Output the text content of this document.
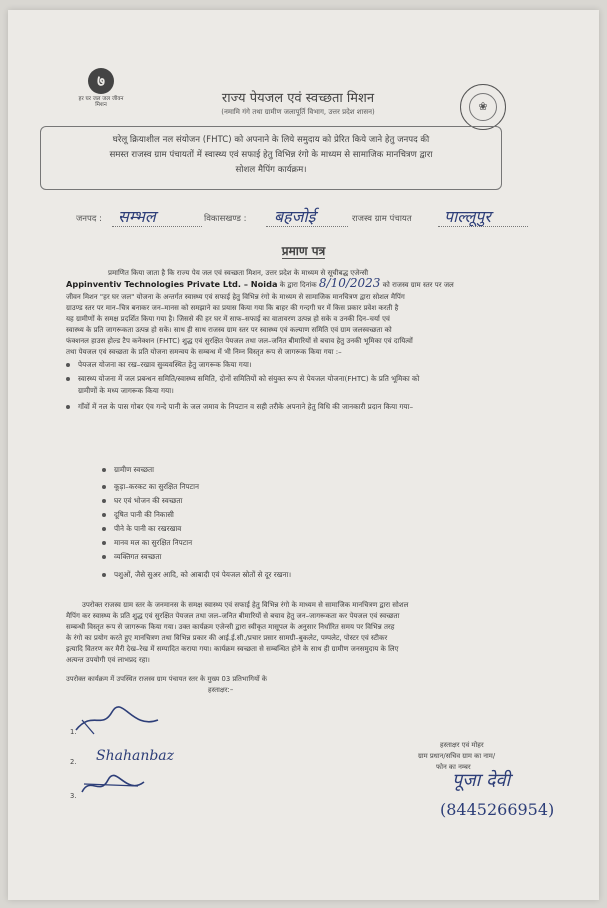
७
हर घर जल जल जीवन मिशन	राज्य पेयजल एवं स्वच्छता मिशन
(नमामि गंगे तथा ग्रामीण जलापूर्ति विभाग, उत्तर प्रदेश शासन)	❀
घरेलू क्रियाशील नल संयोजन (FHTC) को अपनाने के लिये समुदाय को प्रेरित किये जाने हेतु जनपद की
समस्त राजस्व ग्राम पंचायतों में स्वास्थ्य एवं सफाई हेतु विभिन्न रंगो के माध्यम से सामाजिक मानचित्रण द्वारा
सोशल मैपिंग कार्यक्रम।
जनपद : सम्भल	विकासखण्ड : बहजोई	राजस्व ग्राम पंचायत पाल्लूपुर
प्रमाण पत्र
प्रमाणित किया जाता है कि राज्य पेय जल एवं स्वच्छता मिशन, उत्तर प्रदेश के माध्यम से सूचीबद्ध एजेन्सी
Appinventiv Technologies Private Ltd. – Noida के द्वारा दिनांक 8/10/2023 को राजस्व ग्राम स्तर पर जल
जीवन मिशन "हर घर जल" योजना के अन्तर्गत स्वास्थ्य एवं सफाई हेतु विभिन्न रंगो के माध्यम से सामाजिक मानचित्रण द्वारा सोशल मैपिंग
ग्राउण्ड स्तर पर मान–चित्र बनाकर जन–मानस को समझाने का प्रयास किया गया कि बाहर की गन्दगी घर में किस प्रकार प्रवेश करती है
यह ग्रामीणों के समक्ष प्रदर्शित किया गया है। जिससे की हर घर में साफ–सफाई का वातावरण उत्पन्न हो सके व उनकी दिन–चर्या एवं
स्वास्थ्य के प्रति जागरूकता उत्पन्न हो सके। साथ ही साथ राजस्व ग्राम स्तर पर स्वास्थ्य एवं कल्याण समिति एवं ग्राम जलस्वच्छता को
फंक्शनल हाउस होल्ड टैप कनेक्शन (FHTC) शुद्ध एवं सुरक्षित पेयजल तथा जल–जनित बीमारियों से बचाव हेतु उनकी भूमिका एवं दायित्वों
तथा पेयजल एवं स्वच्छता के प्रति योजना समन्वय के सम्बन्ध में भी निम्न विस्तृत रूप से जागरूक किया गया :–
पेयजल योजना का रख–रखाव सुव्यवस्थित हेतु जागरूक किया गया।
स्वास्थ्य योजना में जल प्रबन्धन समिति/स्वास्थ्य समिति, दोनों समितियों को संयुक्त रूप से पेयजल योजना(FHTC) के प्रति भूमिका को
ग्रामीणों के मध्य जागरूक किया गया।
गाँवों में नल के पास गोबर एंव गन्दे पानी के जल जमाव के निपटान व सही तरीके अपनाने हेतु विधि की जानकारी प्रदान किया गया–
ग्रामीण स्वच्छता
कूड़ा–करकट का सुरक्षित निपटान
घर एवं भोजन की स्वच्छता
दूषित पानी की निकासी
पीने के पानी का रखरखाव
मानव मल का सुरक्षित निपटान
व्यक्तिगत स्वच्छता
पशुओं, जैसे सुअर आदि, को आबादी एवं पेयजल स्रोतों से दूर रखना।
उपरोक्त राजस्व ग्राम स्तर के जनमानस के समक्ष स्वास्थ्य एवं सफाई हेतु विभिन्न रंगो के माध्यम से सामाजिक मानचित्रण द्वारा सोशल
मैपिंग कर स्वास्थ्य के प्रति शुद्ध एवं सुरक्षित पेयजल तथा जल–जनित बीमारियों से बचाव हेतु जन–जागरूकता कर पेयजल एवं स्वच्छता
सम्बन्धी विस्तृत रूप से जागरूक किया गया। उक्त कार्यक्रम एजेन्सी द्वारा स्वीकृत मासूपल के अनुसार निर्धारित समय पर विभिन्न तरह
के रंगो का प्रयोग करते हुए मानचित्रण तथा विभिन्न प्रकार की आई.ई.सी./प्रचार प्रसार सामग्री–बुकलेट, पम्पलेट, पोस्टर एवं स्टीकर
इत्यादि वितरण कर मैरी देख–रेख में सम्पादित कराया गया। कार्यक्रम स्वच्छता से सम्बन्धित होने के साथ ही ग्रामीण जनसमुदाय के लिए
अत्यन्त उपयोगी एवं लाभप्रद रहा।
उपरोक्त कार्यक्रम में उपस्थित राजस्व ग्राम पंचायत स्तर के मुख्य 03 प्रतिभागियों के
हस्ताक्षर:–
1.
2. Shahanbaz
3.
हस्ताक्षर एवं मोहर
ग्राम प्रधान/सचिव ग्राम का नाम/
फोन का नम्बर
पूजा देवी
(8445266954)
